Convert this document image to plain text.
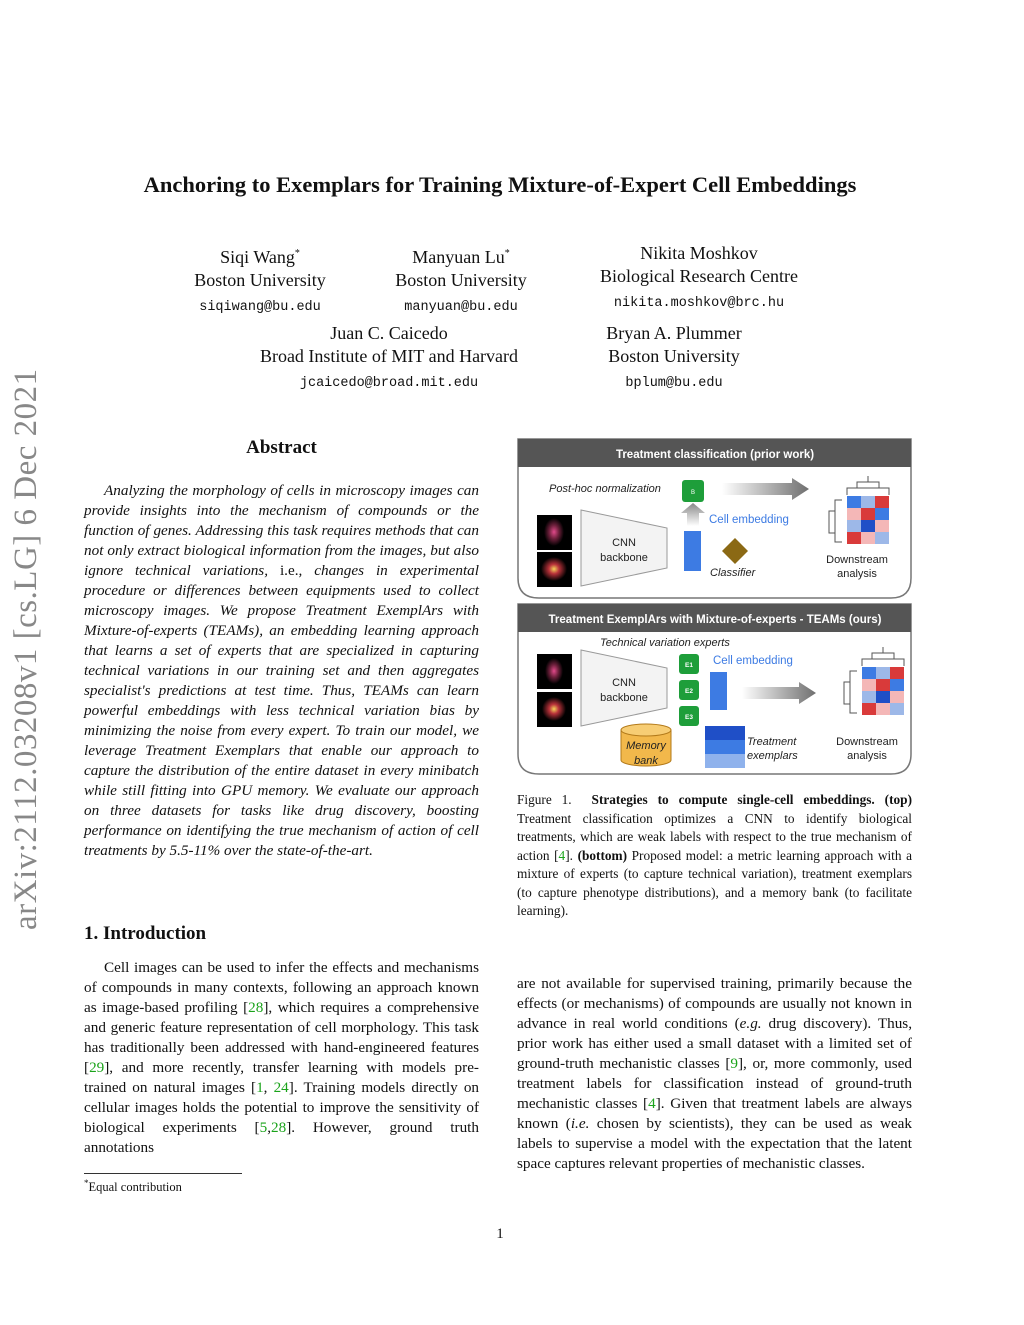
arXiv:2112.03208v1 [cs.LG] 6 Dec 2021
Anchoring to Exemplars for Training Mixture-of-Expert Cell Embeddings
Siqi Wang*
Boston University
siqiwang@bu.edu
Manyuan Lu*
Boston University
manyuan@bu.edu
Nikita Moshkov
Biological Research Centre
nikita.moshkov@brc.hu
Juan C. Caicedo
Broad Institute of MIT and Harvard
jcaicedo@broad.mit.edu
Bryan A. Plummer
Boston University
bplum@bu.edu
Abstract
Analyzing the morphology of cells in microscopy images can provide insights into the mechanism of compounds or the function of genes. Addressing this task requires methods that can not only extract biological information from the images, but also ignore technical variations, i.e., changes in experimental procedure or differences between equipments used to collect microscopy images. We propose Treatment ExemplArs with Mixture-of-experts (TEAMs), an embedding learning approach that learns a set of experts that are specialized in capturing technical variations in our training set and then aggregates specialist's predictions at test time. Thus, TEAMs can learn powerful embeddings with less technical variation bias by minimizing the noise from every expert. To train our model, we leverage Treatment Exemplars that enable our approach to capture the distribution of the entire dataset in every minibatch while still fitting into GPU memory. We evaluate our approach on three datasets for tasks like drug discovery, boosting performance on identifying the true mechanism of action of cell treatments by 5.5-11% over the state-of-the-art.
1. Introduction
Cell images can be used to infer the effects and mechanisms of compounds in many contexts, following an approach known as image-based profiling [28], which requires a comprehensive and generic feature representation of cell morphology. This task has traditionally been addressed with hand-engineered features [29], and more recently, transfer learning with models pre-trained on natural images [1, 24]. Training models directly on cellular images holds the potential to improve the sensitivity of biological experiments [5,28]. However, ground truth annotations
are not available for supervised training, primarily because the effects (or mechanisms) of compounds are usually not known in advance in real world conditions (e.g. drug discovery). Thus, prior work has either used a small dataset with a limited set of ground-truth mechanistic classes [9], or, more commonly, used treatment labels for classification instead of ground-truth mechanistic classes [4]. Given that treatment labels are always known (i.e. chosen by scientists), they can be used as weak labels to supervise a model with the expectation that the latent space captures relevant properties of mechanistic classes.
*Equal contribution
1
Treatment classification (prior work)
CNN
backbone
Post-hoc normalization	B
Cell embedding
Classifier
Downstream
analysis
Treatment ExemplArs with Mixture-of-experts - TEAMs (ours)
Technical variation experts
CNN
backbone
E1
E2
E3
Cell embedding
Memory
bank
Treatment
exemplars
Downstream
analysis
Figure 1. Strategies to compute single-cell embeddings. (top) Treatment classification optimizes a CNN to identify biological treatments, which are weak labels with respect to the true mechanism of action [4]. (bottom) Proposed model: a metric learning approach with a mixture of experts (to capture technical variation), treatment exemplars (to capture phenotype distributions), and a memory bank (to facilitate learning).
